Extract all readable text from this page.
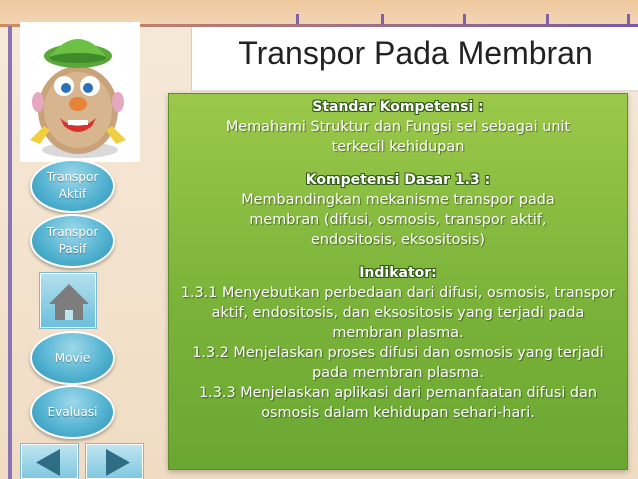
Transpor Pada Membran
Transpor Aktif
Transpor Pasif
Movie
Evaluasi
Standar Kompetensi :
Memahami Struktur dan Fungsi sel sebagai unit terkecil kehidupan
Kompetensi Dasar 1.3 :
Membandingkan mekanisme transpor pada membran (difusi, osmosis, transpor aktif, endositosis, eksositosis)
Indikator:
1.3.1 Menyebutkan perbedaan dari difusi, osmosis, transpor aktif, endositosis, dan eksositosis yang terjadi pada membran plasma.
1.3.2 Menjelaskan proses difusi dan osmosis yang terjadi pada membran plasma.
1.3.3 Menjelaskan aplikasi dari pemanfaatan difusi dan osmosis dalam kehidupan sehari-hari.
